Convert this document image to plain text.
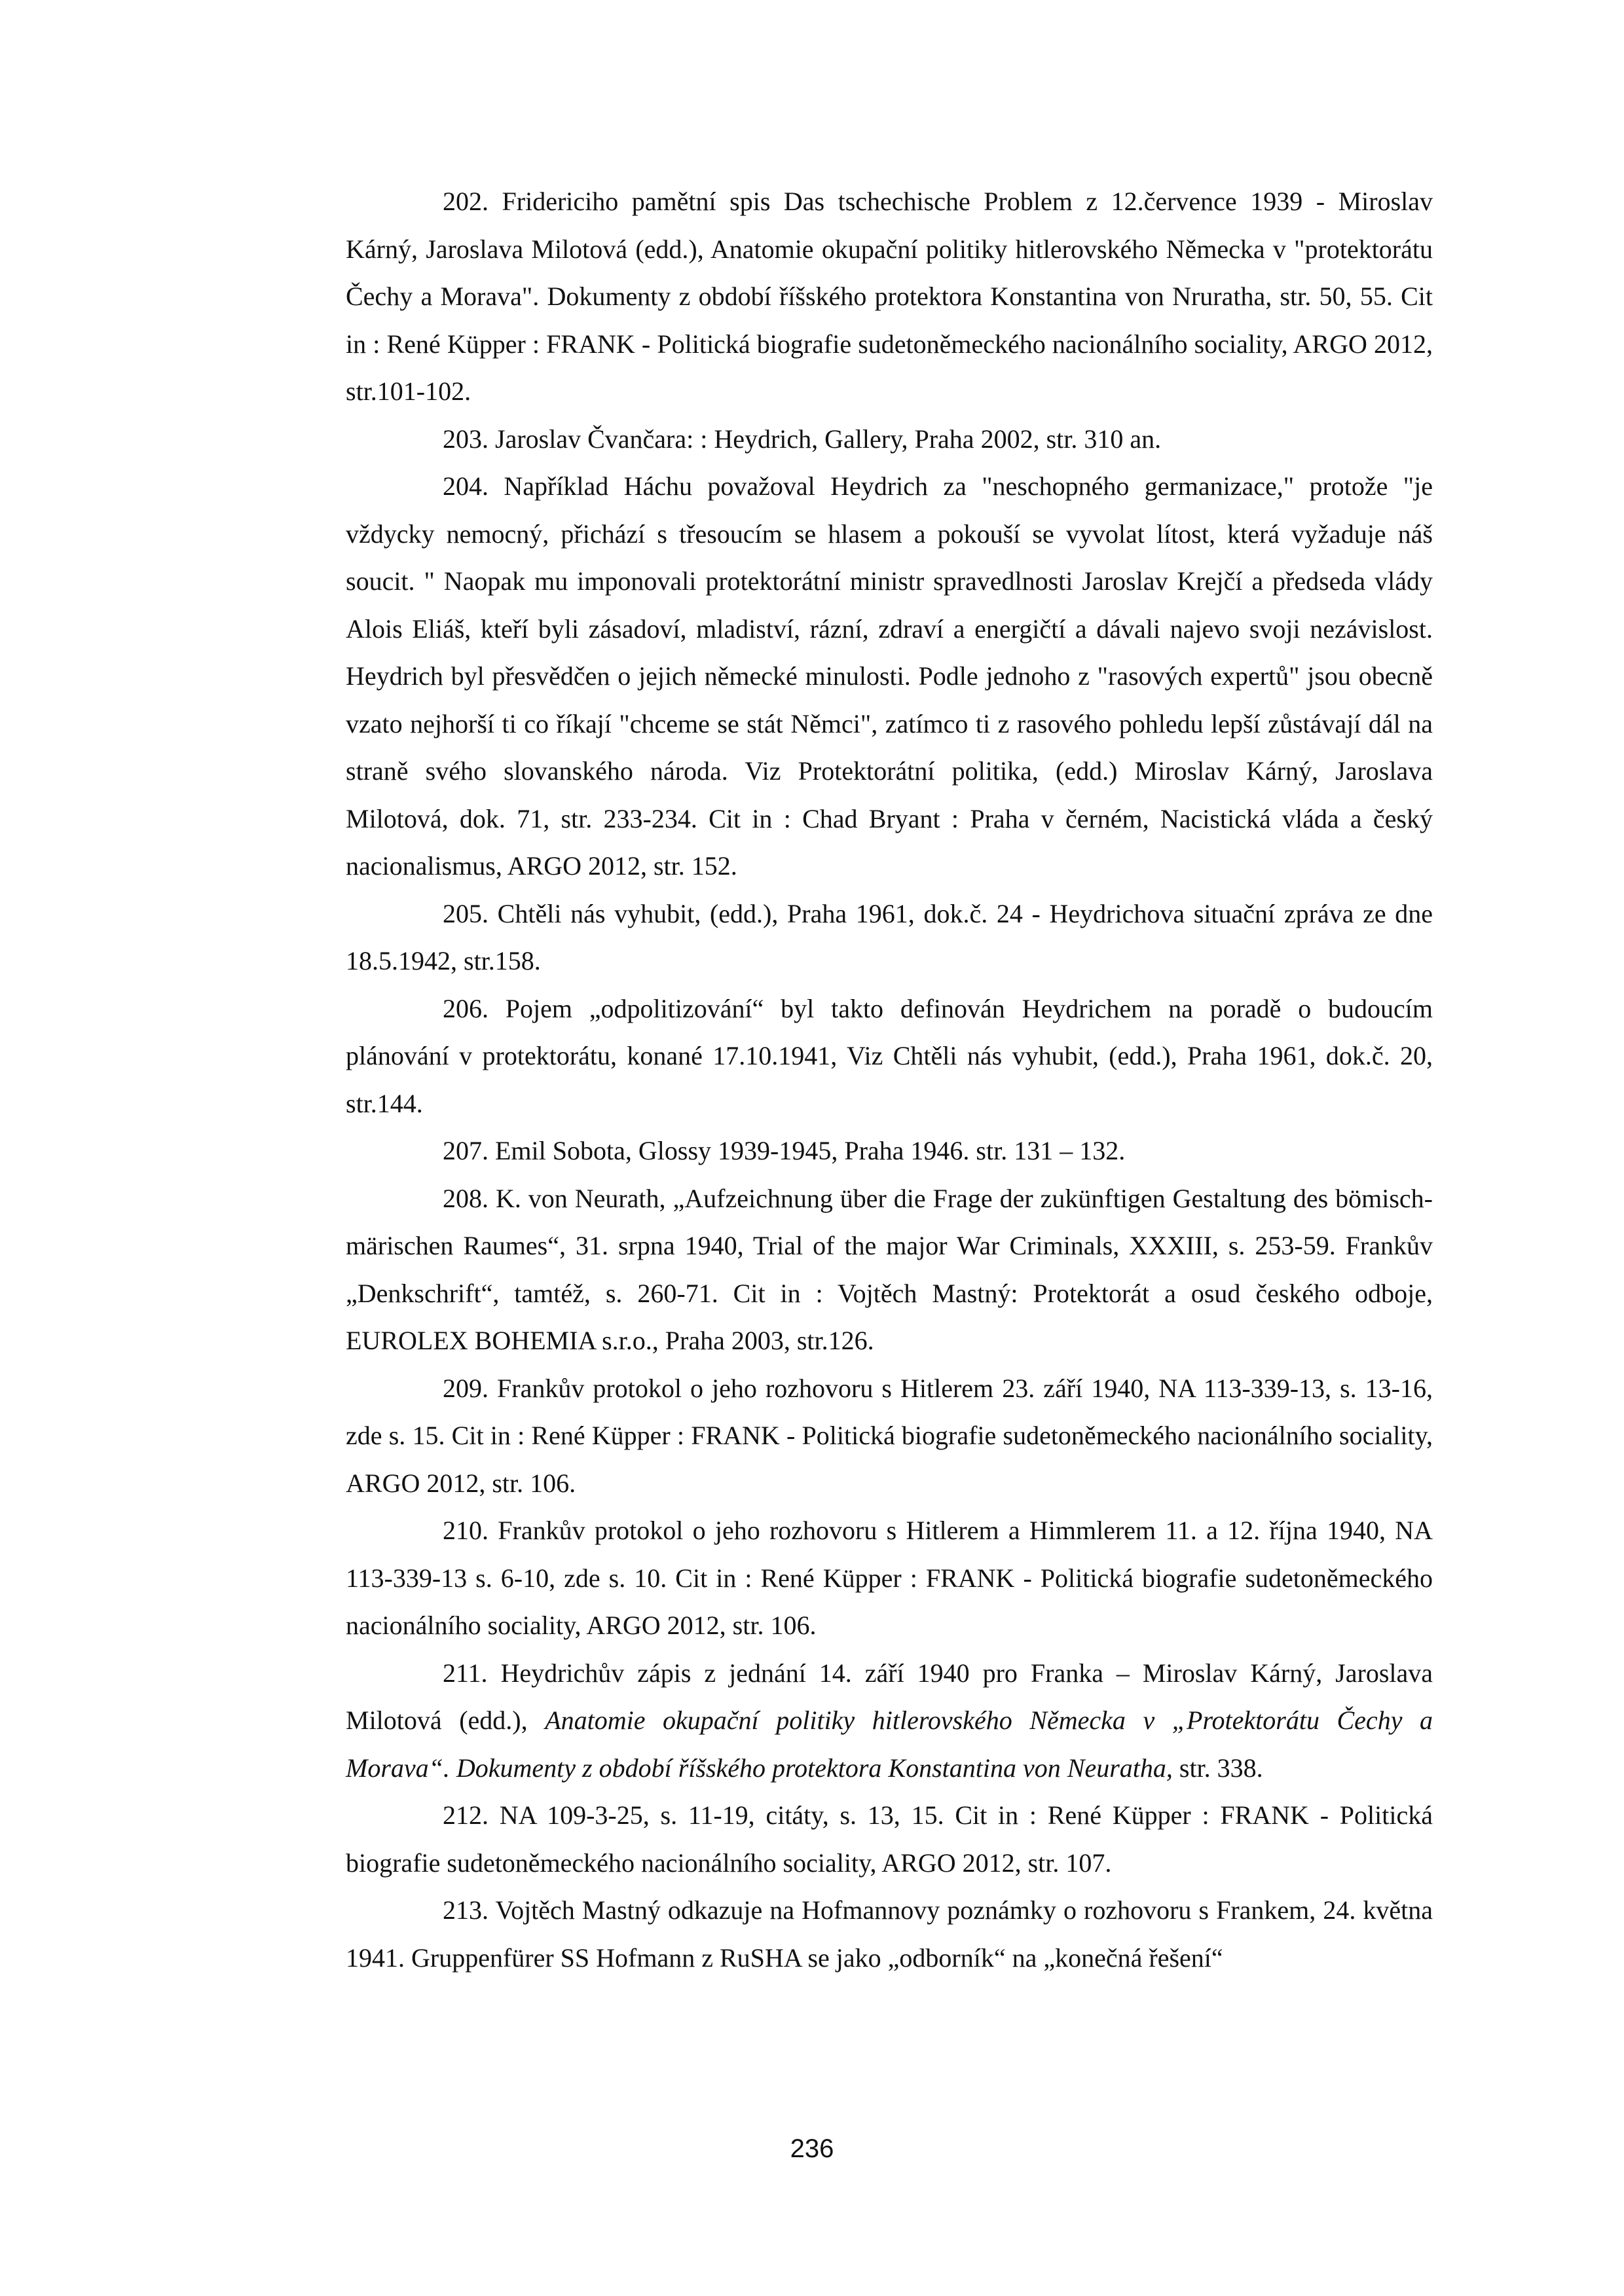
202. Fridericiho pamětní spis Das tschechische Problem z 12.července 1939 - Miroslav Kárný, Jaroslava Milotová (edd.), Anatomie okupační politiky hitlerovského Německa v "protektorátu Čechy a Morava". Dokumenty z období říšského protektora Konstantina von Nruratha, str. 50, 55. Cit in : René Küpper : FRANK - Politická biografie sudetoněmeckého nacionálního sociality, ARGO 2012, str.101-102.

203. Jaroslav Čvančara: : Heydrich, Gallery, Praha 2002, str. 310 an.

204. Například Háchu považoval Heydrich za "neschopného germanizace," protože "je vždycky nemocný, přichází s třesoucím se hlasem a pokouší se vyvolat lítost, která vyžaduje náš soucit. " Naopak mu imponovali protektorátní ministr spravedlnosti Jaroslav Krejčí a předseda vlády Alois Eliáš, kteří byli zásadoví, mladiství, rázní, zdraví a energičtí a dávali najevo svoji nezávislost. Heydrich byl přesvědčen o jejich německé minulosti. Podle jednoho z "rasových expertů" jsou obecně vzato nejhorší ti co říkají "chceme se stát Němci", zatímco ti z rasového pohledu lepší zůstávají dál na straně svého slovanského národa. Viz Protektorátní politika, (edd.) Miroslav Kárný, Jaroslava Milotová, dok. 71, str. 233-234. Cit in : Chad Bryant : Praha v černém, Nacistická vláda a český nacionalismus, ARGO 2012, str. 152.

205. Chtěli nás vyhubit, (edd.), Praha 1961, dok.č. 24 - Heydrichova situační zpráva ze dne 18.5.1942, str.158.

206. Pojem „odpolitizování“ byl takto definován Heydrichem na poradě o budoucím plánování v protektorátu, konané 17.10.1941, Viz Chtěli nás vyhubit, (edd.), Praha 1961, dok.č. 20, str.144.

207. Emil Sobota, Glossy 1939-1945, Praha 1946. str. 131 – 132.

208. K. von Neurath, „Aufzeichnung über die Frage der zukünftigen Gestaltung des bömisch-märischen Raumes“, 31. srpna 1940, Trial of the major War Criminals, XXXIII, s. 253-59. Frankův „Denkschrift“, tamtéž, s. 260-71. Cit in : Vojtěch Mastný: Protektorát a osud českého odboje, EUROLEX BOHEMIA s.r.o., Praha 2003, str.126.

209. Frankův protokol o jeho rozhovoru s Hitlerem 23. září 1940, NA 113-339-13, s. 13-16, zde s. 15. Cit in : René Küpper : FRANK - Politická biografie sudetoněmeckého nacionálního sociality, ARGO 2012, str. 106.

210. Frankův protokol o jeho rozhovoru s Hitlerem a Himmlerem 11. a 12. října 1940, NA 113-339-13 s. 6-10, zde s. 10. Cit in : René Küpper : FRANK - Politická biografie sudetoněmeckého nacionálního sociality, ARGO 2012, str. 106.

211. Heydrichův zápis z jednání 14. září 1940 pro Franka – Miroslav Kárný, Jaroslava Milotová (edd.), Anatomie okupační politiky hitlerovského Německa v „Protektorátu Čechy a Morava“. Dokumenty z období říšského protektora Konstantina von Neuratha, str. 338.

212. NA 109-3-25, s. 11-19, citáty, s. 13, 15. Cit in : René Küpper : FRANK - Politická biografie sudetoněmeckého nacionálního sociality, ARGO 2012, str. 107.

213. Vojtěch Mastný odkazuje na Hofmannovy poznámky o rozhovoru s Frankem, 24. května 1941. Gruppenfürer SS Hofmann z RuSHA se jako „odborník“ na „konečná řešení“

236
